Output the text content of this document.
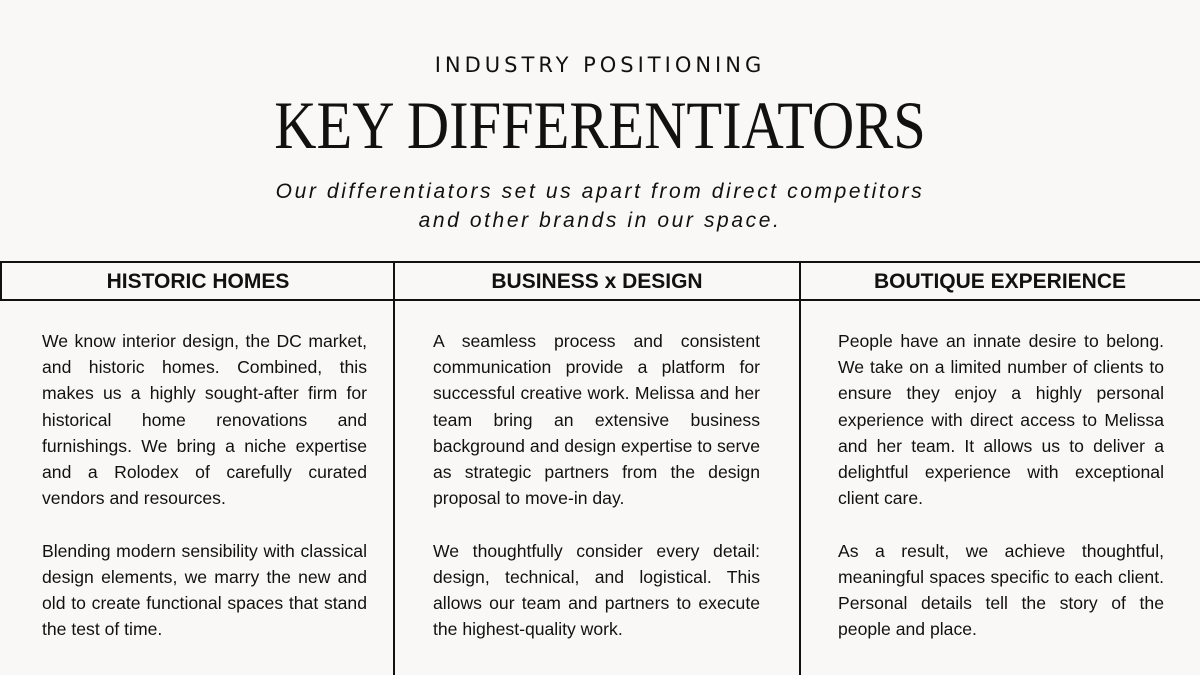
INDUSTRY POSITIONING
KEY DIFFERENTIATORS
Our differentiators set us apart from direct competitors
and other brands in our space.
HISTORIC HOMES	BUSINESS x DESIGN	BOUTIQUE EXPERIENCE

We know interior design, the DC market, and historic homes. Combined, this makes us a highly sought-after firm for historical home renovations and furnishings. We bring a niche expertise and a Rolodex of carefully curated vendors and resources.

Blending modern sensibility with classical design elements, we marry the new and old to create functional spaces that stand the test of time.

A seamless process and consistent communication provide a platform for successful creative work. Melissa and her team bring an extensive business background and design expertise to serve as strategic partners from the design proposal to move-in day.

We thoughtfully consider every detail: design, technical, and logistical. This allows our team and partners to execute the highest-quality work.

People have an innate desire to belong. We take on a limited number of clients to ensure they enjoy a highly personal experience with direct access to Melissa and her team. It allows us to deliver a delightful experience with exceptional client care.

As a result, we achieve thoughtful, meaningful spaces specific to each client. Personal details tell the story of the people and place.
